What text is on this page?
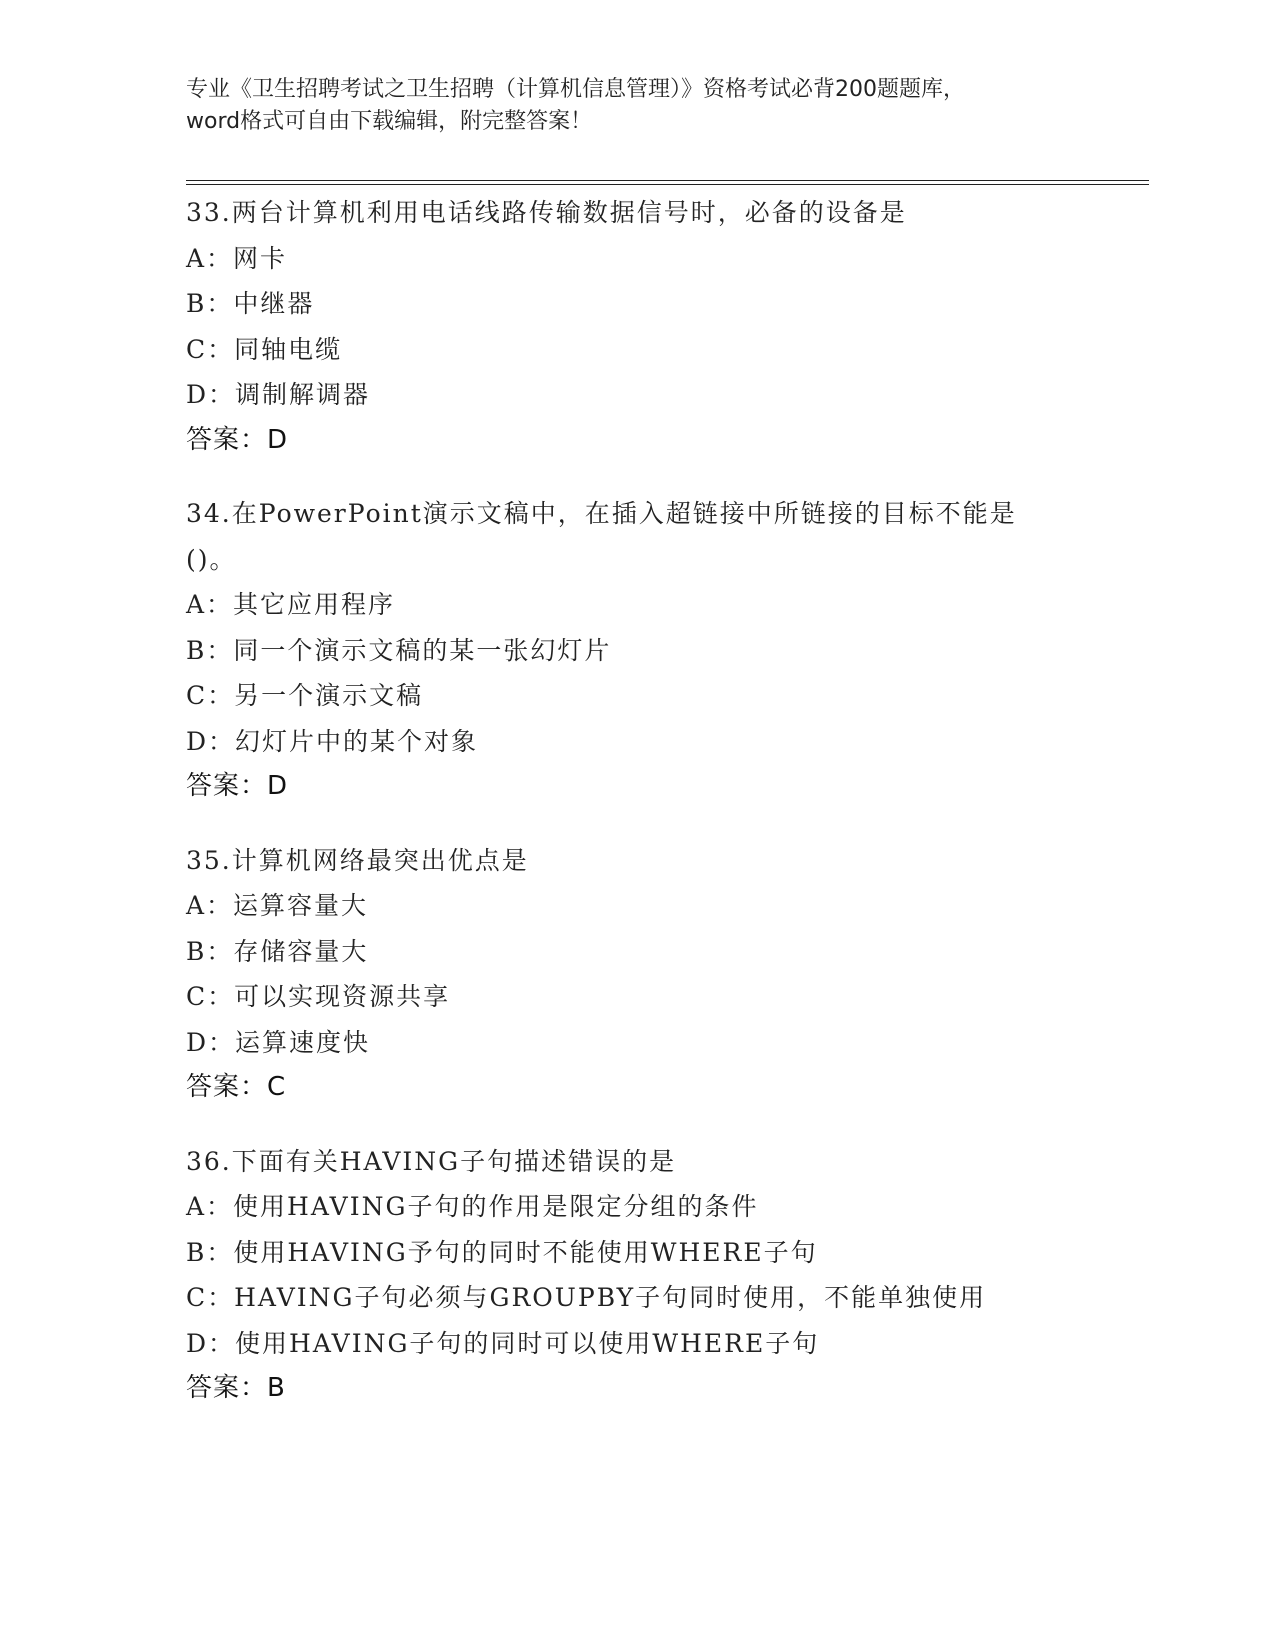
专业《卫生招聘考试之卫生招聘（计算机信息管理）》资格考试必背200题题库，
word格式可自由下载编辑，附完整答案！
33.两台计算机利用电话线路传输数据信号时，必备的设备是
A：网卡
B：中继器
C：同轴电缆
D：调制解调器
答案：D
34.在PowerPoint演示文稿中，在插入超链接中所链接的目标不能是
()。
A：其它应用程序
B：同一个演示文稿的某一张幻灯片
C：另一个演示文稿
D：幻灯片中的某个对象
答案：D
35.计算机网络最突出优点是
A：运算容量大
B：存储容量大
C：可以实现资源共享
D：运算速度快
答案：C
36.下面有关HAVING子句描述错误的是
A：使用HAVING子句的作用是限定分组的条件
B：使用HAVING予句的同时不能使用WHERE子句
C：HAVING子句必须与GROUPBY子句同时使用，不能单独使用
D：使用HAVING子句的同时可以使用WHERE子句
答案：B
